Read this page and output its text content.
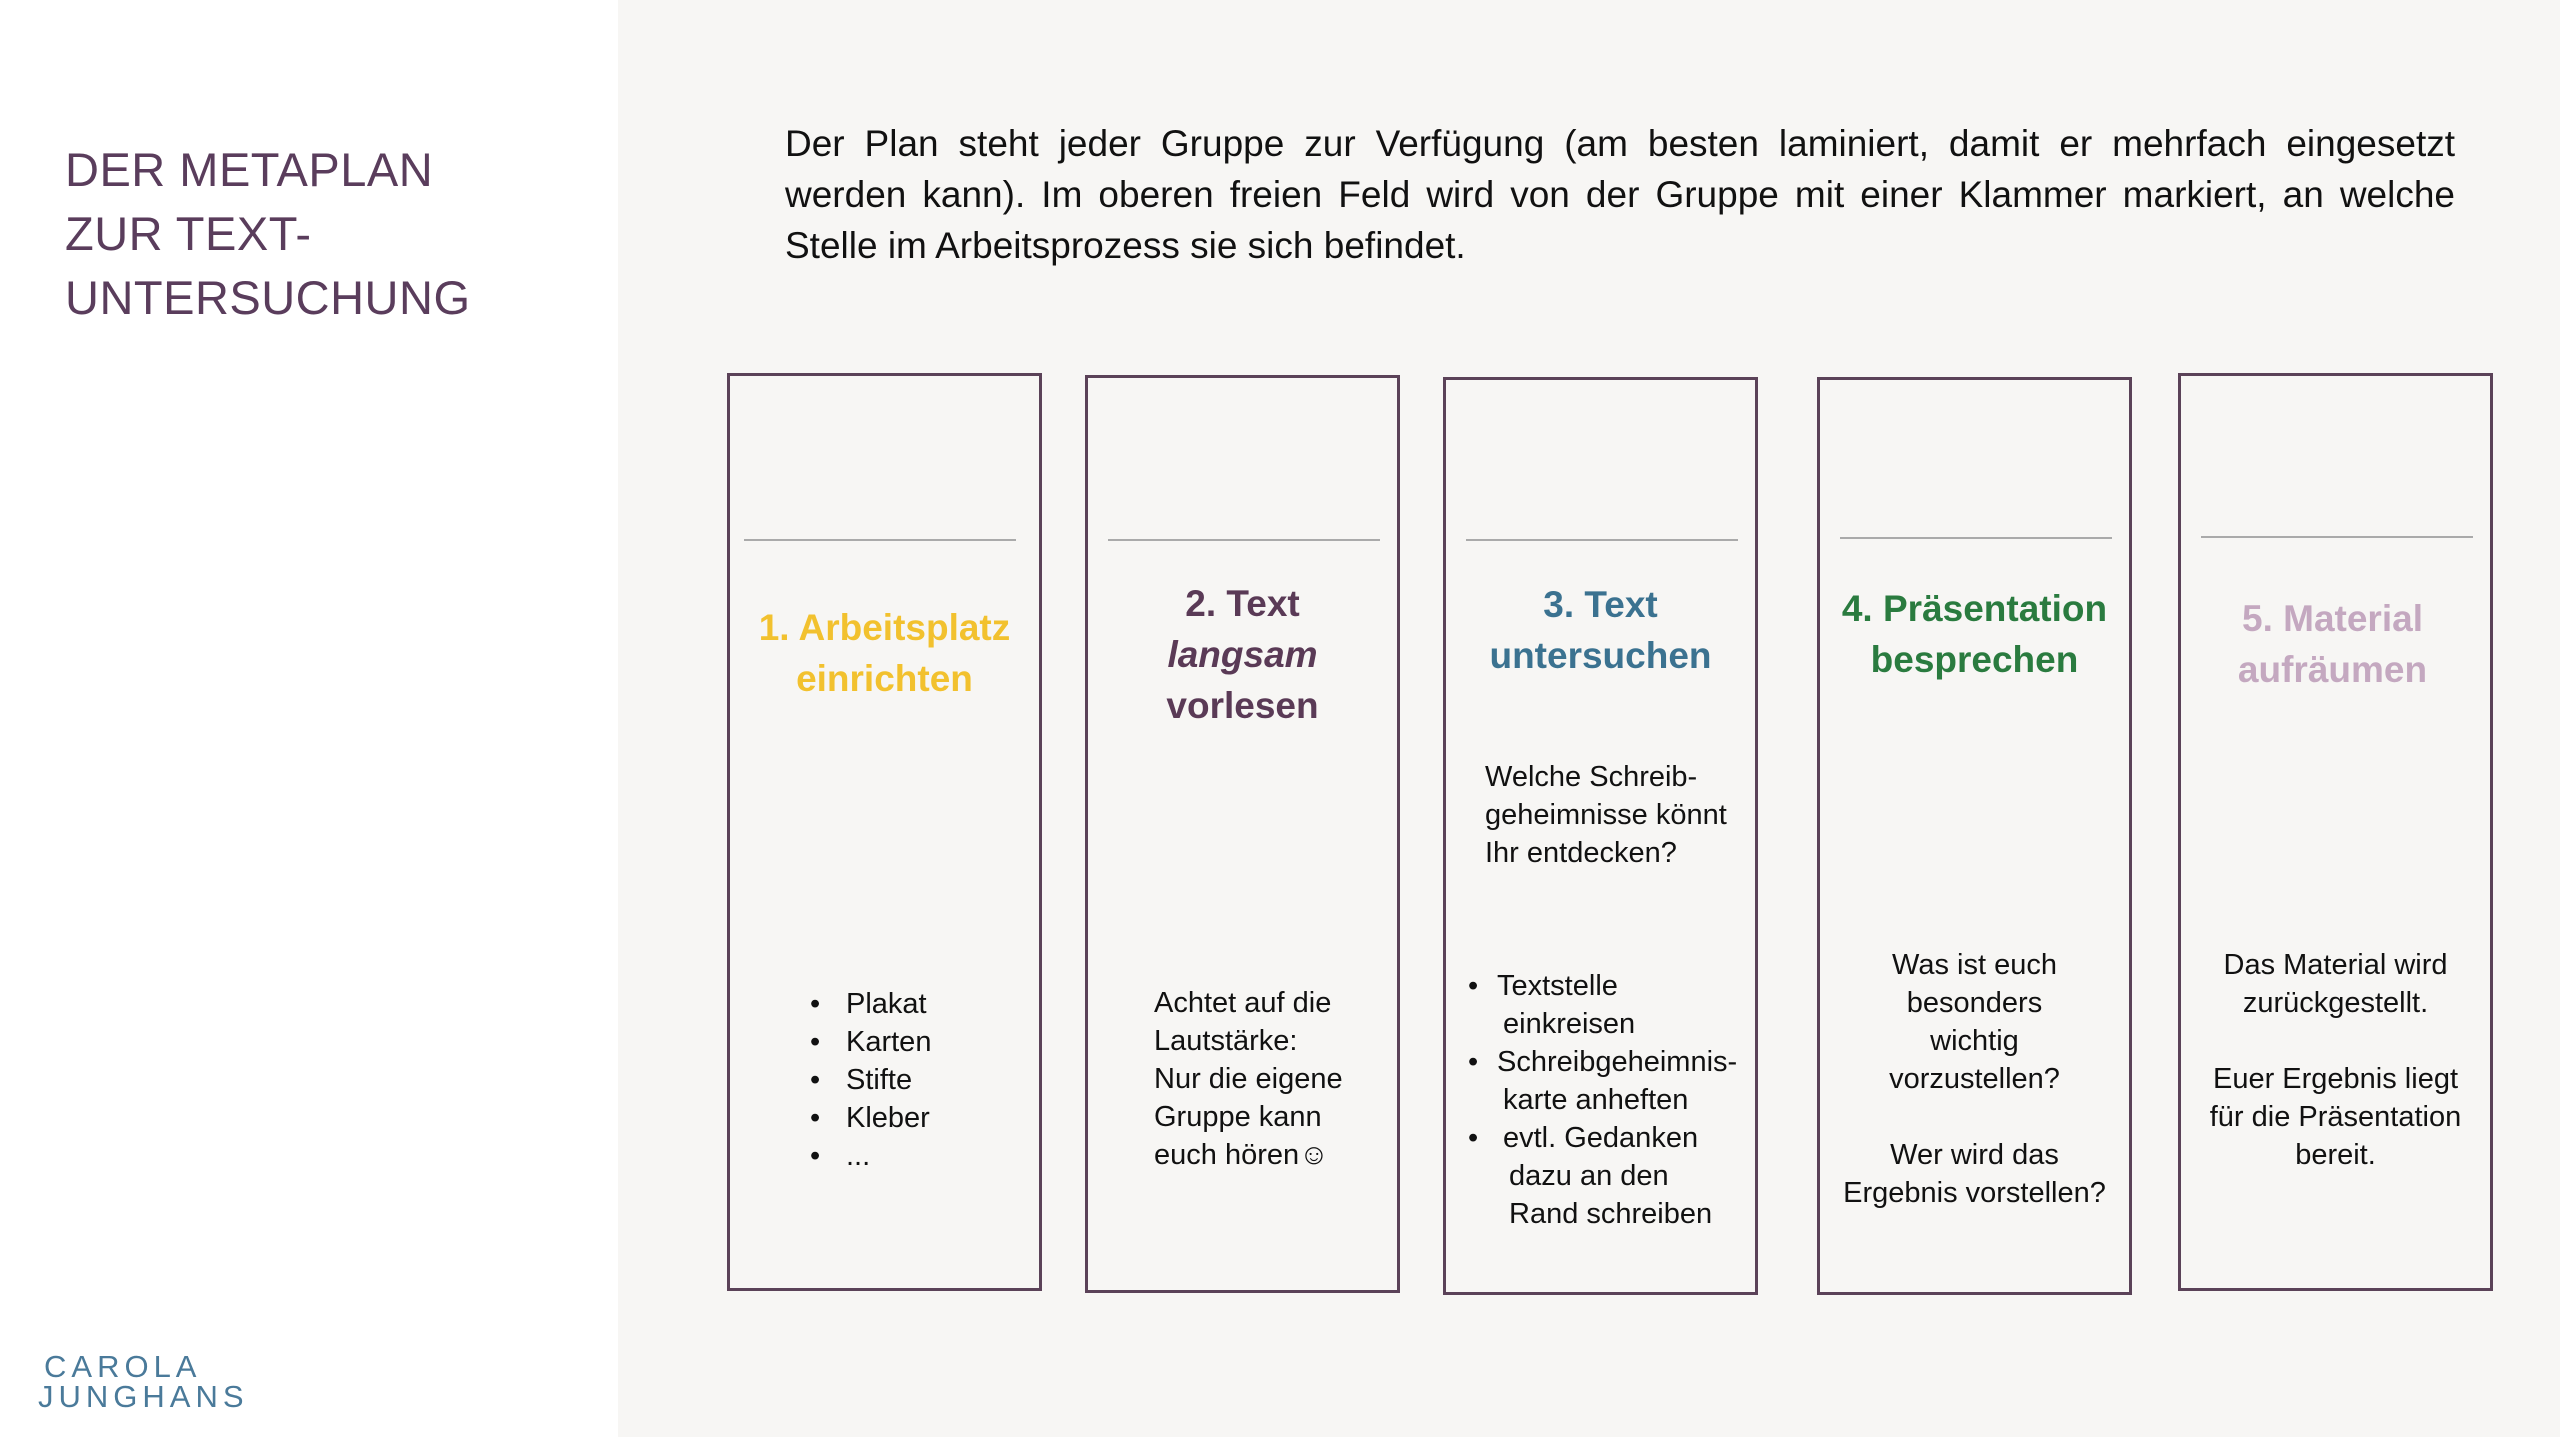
DER METAPLAN
ZUR TEXT-
UNTERSUCHUNG
CAROLA
JUNGHANS

Der Plan steht jeder Gruppe zur Verfügung (am besten laminiert, damit er mehrfach eingesetzt werden kann). Im oberen freien Feld wird von der Gruppe mit einer Klammer markiert, an welche Stelle im Arbeitsprozess sie sich befindet.

1. Arbeitsplatz
einrichten
• Plakat
• Karten
• Stifte
• Kleber
• ...
2. Text
langsam
vorlesen

Achtet auf die

Lautstärke:

Nur die eigene

Gruppe kann

euch hören☺

3. Text
untersuchen

Welche Schreib-

geheimnisse könnt

Ihr entdecken?

• Textstelle
einkreisen
• Schreibgeheimnis-
karte anheften
• evtl. Gedanken
dazu an den
Rand schreiben
4. Präsentation
besprechen

Was ist euch

besonders

wichtig

vorzustellen?

Wer wird das

Ergebnis vorstellen?

5. Material
aufräumen

Das Material wird

zurückgestellt.

Euer Ergebnis liegt

für die Präsentation

bereit.
